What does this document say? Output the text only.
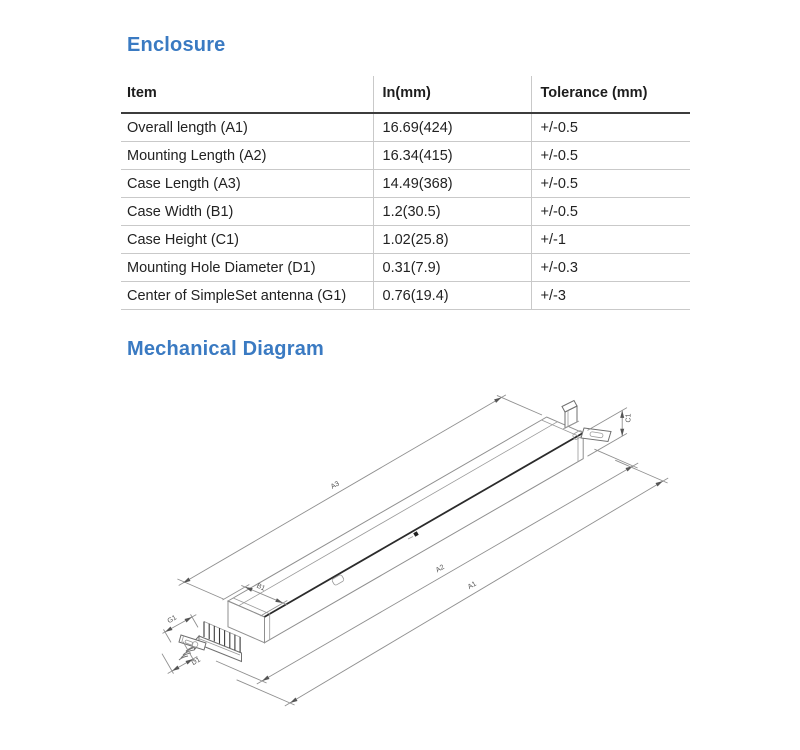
Enclosure
Item	In(mm)	Tolerance (mm)
Overall length (A1)	16.69(424)	+/-0.5
Mounting Length (A2)	16.34(415)	+/-0.5
Case Length (A3)	14.49(368)	+/-0.5
Case Width (B1)	1.2(30.5)	+/-0.5
Case Height (C1)	1.02(25.8)	+/-1
Mounting Hole Diameter (D1)	0.31(7.9)	+/-0.3
Center of SimpleSet antenna (G1)	0.76(19.4)	+/-3
Mechanical Diagram
A3
A2
A1
B1
C1
G1
D1
